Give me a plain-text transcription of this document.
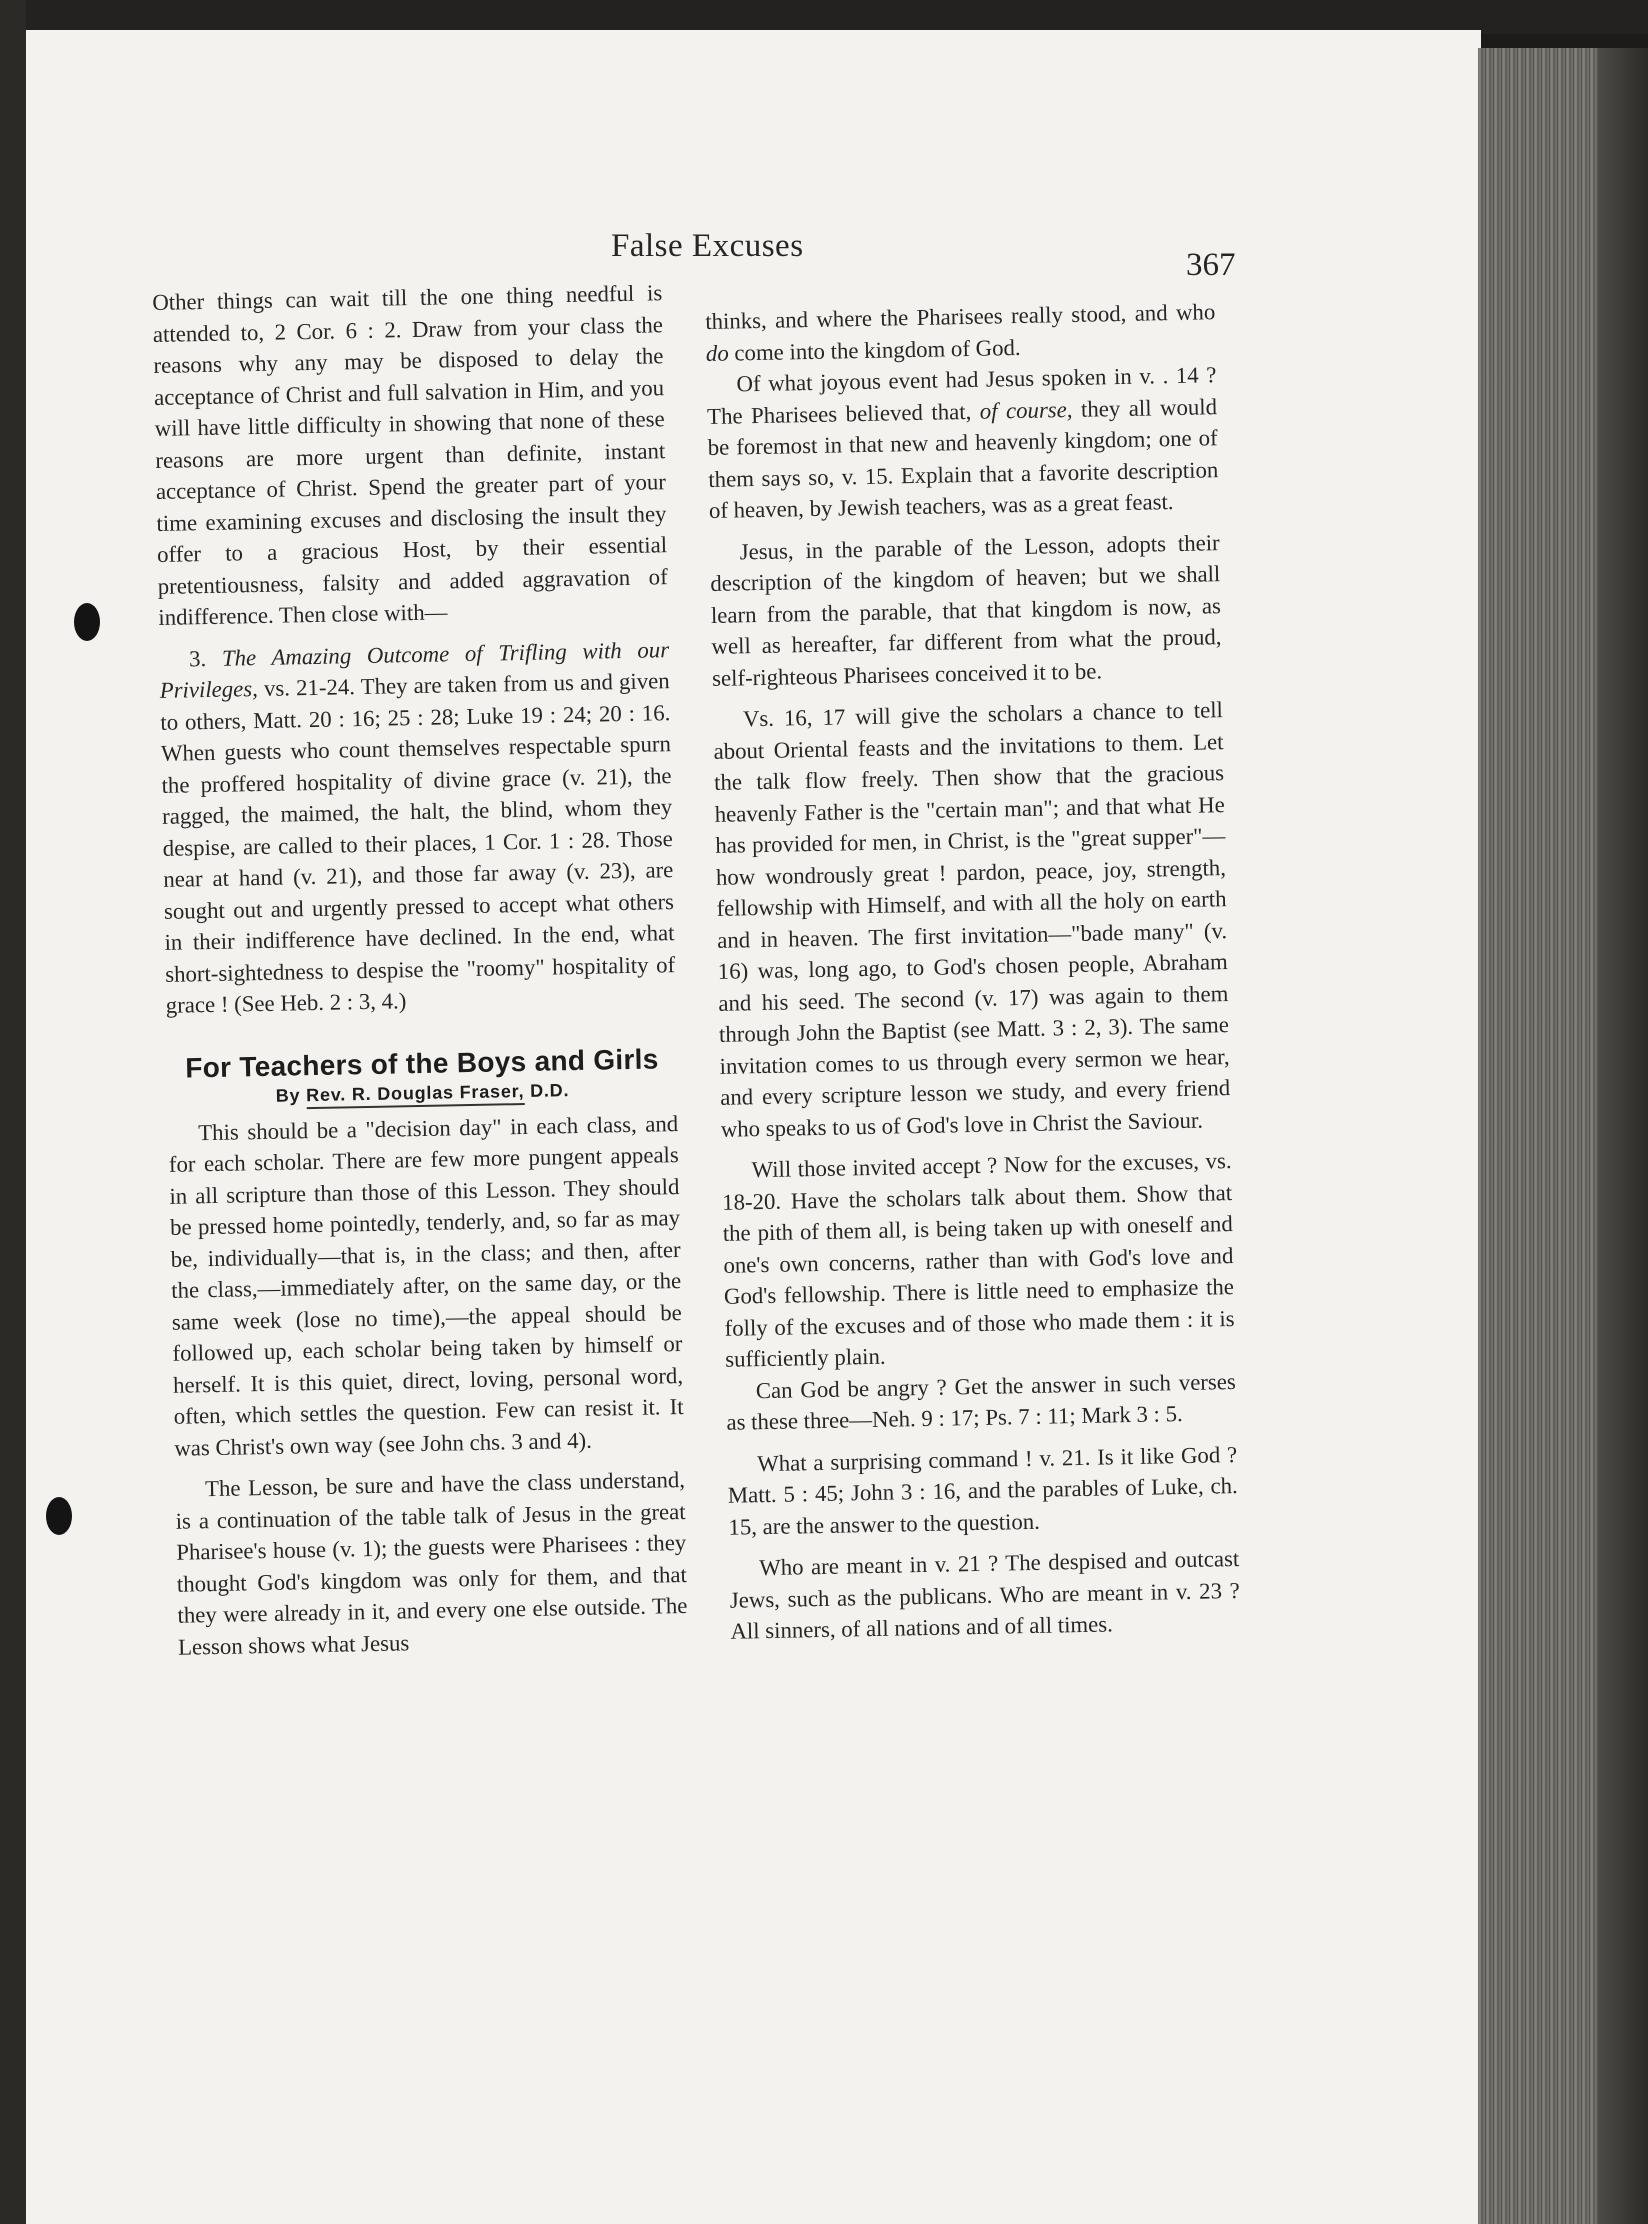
False Excuses
367

Other things can wait till the one thing needful is attended to, 2 Cor. 6 : 2. Draw from your class the reasons why any may be disposed to delay the acceptance of Christ and full salvation in Him, and you will have little difficulty in showing that none of these reasons are more urgent than definite, instant acceptance of Christ. Spend the greater part of your time examining excuses and disclosing the insult they offer to a gracious Host, by their essential pretentiousness, falsity and added aggravation of indifference. Then close with—

3. The Amazing Outcome of Trifling with our Privileges, vs. 21-24. They are taken from us and given to others, Matt. 20 : 16; 25 : 28; Luke 19 : 24; 20 : 16. When guests who count themselves respectable spurn the proffered hospitality of divine grace (v. 21), the ragged, the maimed, the halt, the blind, whom they despise, are called to their places, 1 Cor. 1 : 28. Those near at hand (v. 21), and those far away (v. 23), are sought out and urgently pressed to accept what others in their indifference have declined. In the end, what short-sightedness to despise the "roomy" hospitality of grace ! (See Heb. 2 : 3, 4.)

For Teachers of the Boys and Girls
By Rev. R. Douglas Fraser, D.D.

This should be a "decision day" in each class, and for each scholar. There are few more pungent appeals in all scripture than those of this Lesson. They should be pressed home pointedly, tenderly, and, so far as may be, individually—that is, in the class; and then, after the class,—immediately after, on the same day, or the same week (lose no time),—the appeal should be followed up, each scholar being taken by himself or herself. It is this quiet, direct, loving, personal word, often, which settles the question. Few can resist it. It was Christ's own way (see John chs. 3 and 4).

The Lesson, be sure and have the class understand, is a continuation of the table talk of Jesus in the great Pharisee's house (v. 1); the guests were Pharisees : they thought God's kingdom was only for them, and that they were already in it, and every one else outside. The Lesson shows what Jesus

thinks, and where the Pharisees really stood, and who do come into the kingdom of God.

Of what joyous event had Jesus spoken in v. . 14 ? The Pharisees believed that, of course, they all would be foremost in that new and heavenly kingdom; one of them says so, v. 15. Explain that a favorite description of heaven, by Jewish teachers, was as a great feast.

Jesus, in the parable of the Lesson, adopts their description of the kingdom of heaven; but we shall learn from the parable, that that kingdom is now, as well as hereafter, far different from what the proud, self-righteous Pharisees conceived it to be.

Vs. 16, 17 will give the scholars a chance to tell about Oriental feasts and the invitations to them. Let the talk flow freely. Then show that the gracious heavenly Father is the "certain man"; and that what He has provided for men, in Christ, is the "great supper"—how wondrously great ! pardon, peace, joy, strength, fellowship with Himself, and with all the holy on earth and in heaven. The first invitation—"bade many" (v. 16) was, long ago, to God's chosen people, Abraham and his seed. The second (v. 17) was again to them through John the Baptist (see Matt. 3 : 2, 3). The same invitation comes to us through every sermon we hear, and every scripture lesson we study, and every friend who speaks to us of God's love in Christ the Saviour.

Will those invited accept ? Now for the excuses, vs. 18-20. Have the scholars talk about them. Show that the pith of them all, is being taken up with oneself and one's own concerns, rather than with God's love and God's fellowship. There is little need to emphasize the folly of the excuses and of those who made them : it is sufficiently plain.

Can God be angry ? Get the answer in such verses as these three—Neh. 9 : 17; Ps. 7 : 11; Mark 3 : 5.

What a surprising command ! v. 21. Is it like God ? Matt. 5 : 45; John 3 : 16, and the parables of Luke, ch. 15, are the answer to the question.

Who are meant in v. 21 ? The despised and outcast Jews, such as the publicans. Who are meant in v. 23 ? All sinners, of all nations and of all times.
